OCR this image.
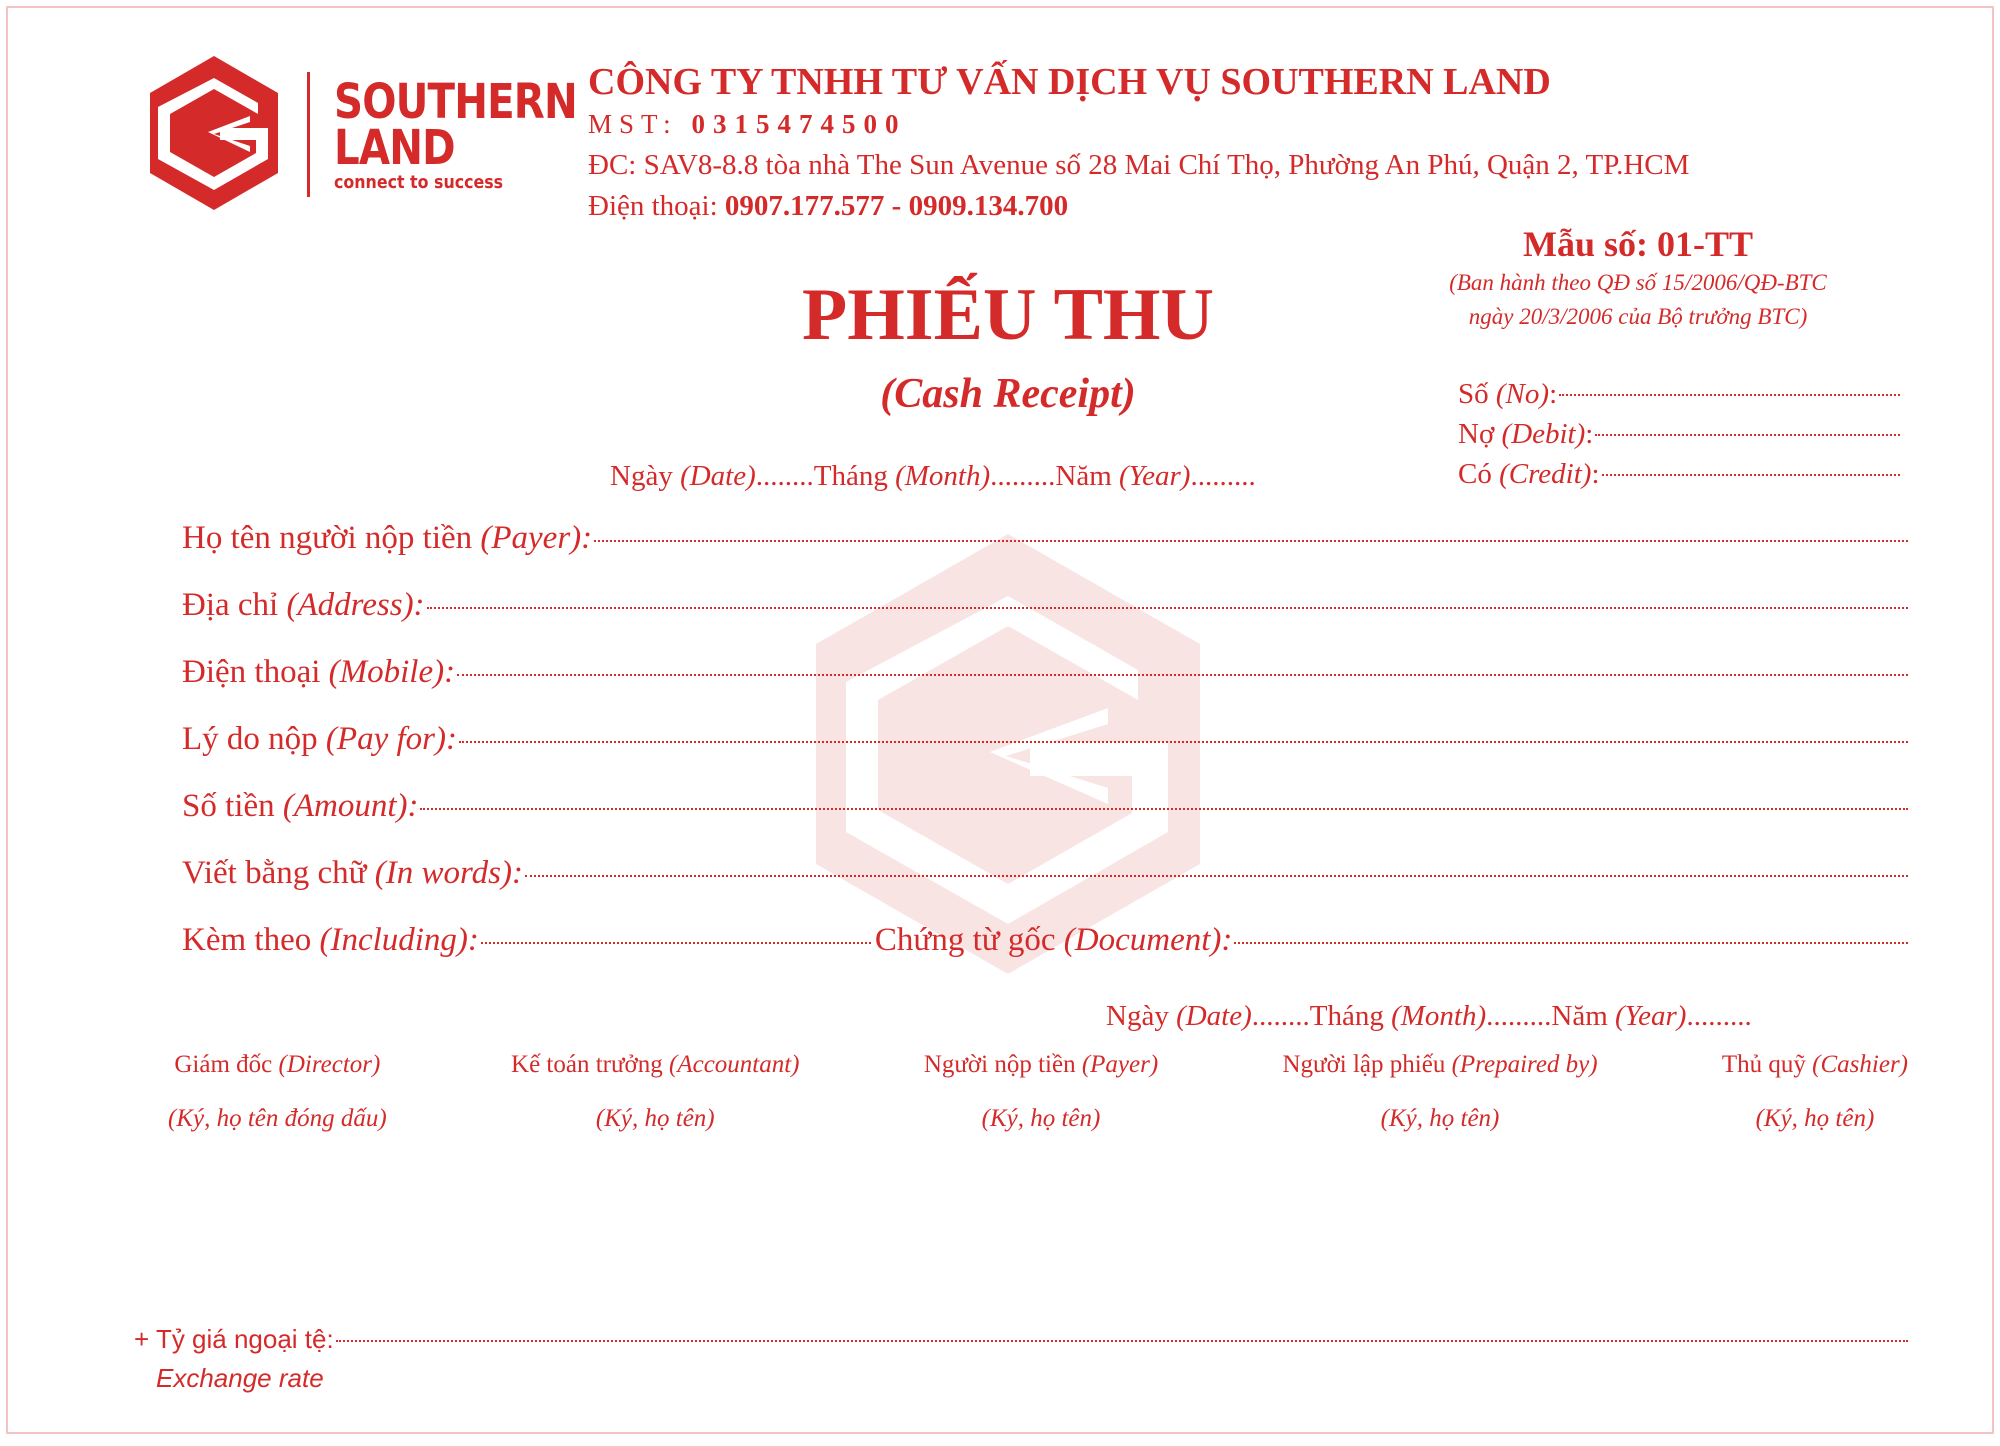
SOUTHERN
LAND
connect to success
CÔNG TY TNHH TƯ VẤN DỊCH VỤ SOUTHERN LAND
MST: 0315474500
ĐC: SAV8-8.8 tòa nhà The Sun Avenue số 28 Mai Chí Thọ, Phường An Phú, Quận 2, TP.HCM
Điện thoại: 0907.177.577 - 0909.134.700
Mẫu số: 01-TT
(Ban hành theo QĐ số 15/2006/QĐ-BTC
ngày 20/3/2006 của Bộ trưởng BTC)
PHIẾU THU
(Cash Receipt)
Ngày (Date)........Tháng (Month).........Năm (Year).........
Số (No):
Nợ (Debit):
Có (Credit):
Họ tên người nộp tiền (Payer):
Địa chỉ (Address):
Điện thoại (Mobile):
Lý do nộp (Pay for):
Số tiền (Amount):
Viết bằng chữ (In words):
Kèm theo (Including):	Chứng từ gốc (Document):
Ngày (Date)........Tháng (Month).........Năm (Year).........
Giám đốc (Director)
(Ký, họ tên đóng dấu)
Kế toán trưởng (Accountant)
(Ký, họ tên)
Người nộp tiền (Payer)
(Ký, họ tên)
Người lập phiếu (Prepaired by)
(Ký, họ tên)
Thủ quỹ (Cashier)
(Ký, họ tên)
+ Tỷ giá ngoại tệ:
Exchange rate
